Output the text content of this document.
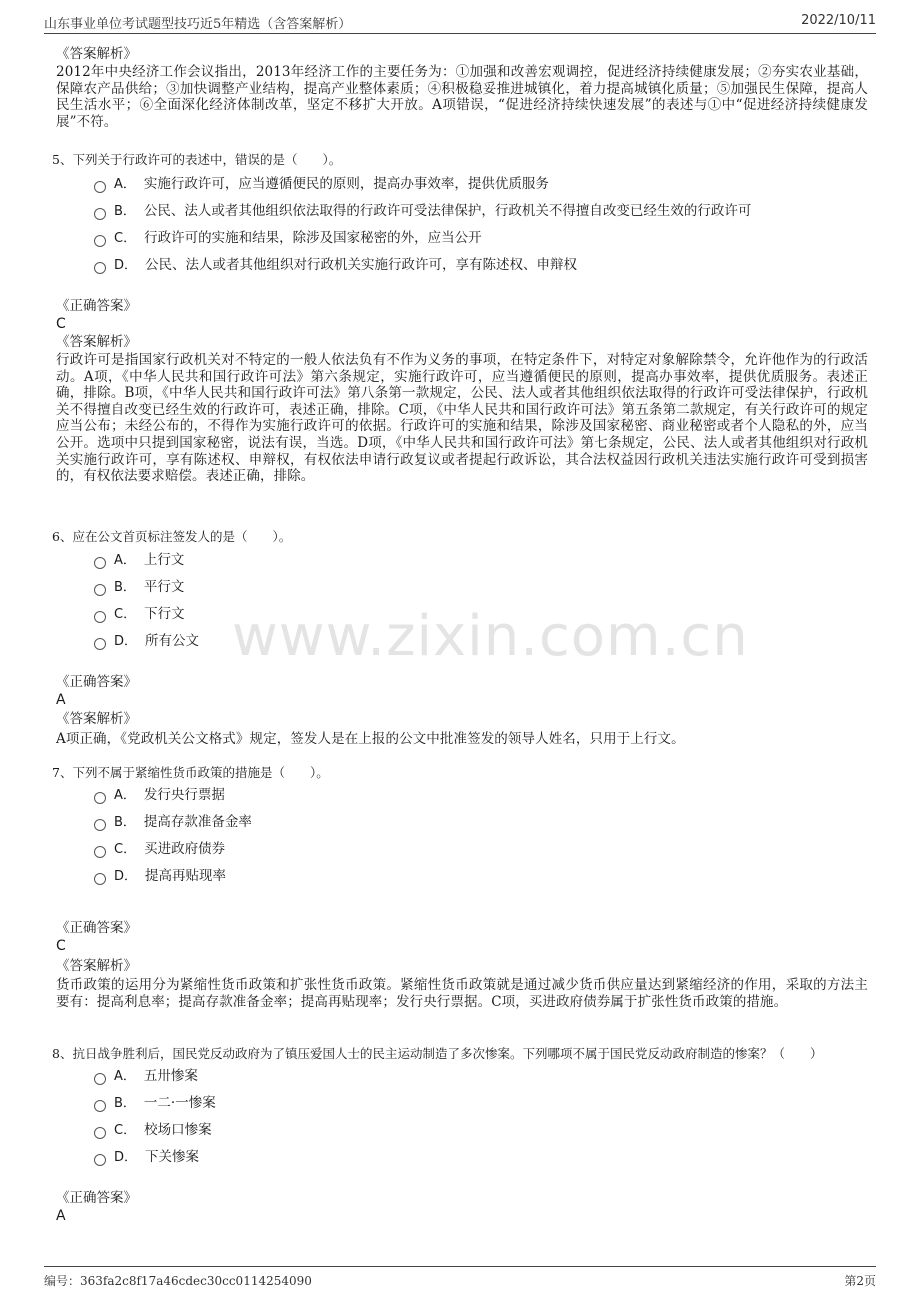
山东事业单位考试题型技巧近5年精选（含答案解析）	2022/10/11
www.zixin.com.cn
《答案解析》
2012年中央经济工作会议指出，2013年经济工作的主要任务为：①加强和改善宏观调控，促进经济持续健康发展；②夯实农业基础，保障农产品供给；③加快调整产业结构，提高产业整体素质；④积极稳妥推进城镇化，着力提高城镇化质量；⑤加强民生保障，提高人民生活水平；⑥全面深化经济体制改革，坚定不移扩大开放。A项错误，“促进经济持续快速发展”的表述与①中“促进经济持续健康发展”不符。
5、下列关于行政许可的表述中，错误的是（　　）。
A． 实施行政许可，应当遵循便民的原则，提高办事效率，提供优质服务
B． 公民、法人或者其他组织依法取得的行政许可受法律保护，行政机关不得擅自改变已经生效的行政许可
C． 行政许可的实施和结果，除涉及国家秘密的外，应当公开
D． 公民、法人或者其他组织对行政机关实施行政许可，享有陈述权、申辩权
《正确答案》
C
《答案解析》
行政许可是指国家行政机关对不特定的一般人依法负有不作为义务的事项，在特定条件下，对特定对象解除禁令，允许他作为的行政活动。A项，《中华人民共和国行政许可法》第六条规定，实施行政许可，应当遵循便民的原则，提高办事效率，提供优质服务。表述正确，排除。B项，《中华人民共和国行政许可法》第八条第一款规定，公民、法人或者其他组织依法取得的行政许可受法律保护，行政机关不得擅自改变已经生效的行政许可，表述正确，排除。C项，《中华人民共和国行政许可法》第五条第二款规定，有关行政许可的规定应当公布；未经公布的，不得作为实施行政许可的依据。行政许可的实施和结果，除涉及国家秘密、商业秘密或者个人隐私的外，应当公开。选项中只提到国家秘密，说法有误，当选。D项，《中华人民共和国行政许可法》第七条规定，公民、法人或者其他组织对行政机关实施行政许可，享有陈述权、申辩权，有权依法申请行政复议或者提起行政诉讼，其合法权益因行政机关违法实施行政许可受到损害的，有权依法要求赔偿。表述正确，排除。
6、应在公文首页标注签发人的是（　　）。
A． 上行文
B． 平行文
C． 下行文
D． 所有公文
《正确答案》
A
《答案解析》
A项正确，《党政机关公文格式》规定，签发人是在上报的公文中批准签发的领导人姓名，只用于上行文。
7、下列不属于紧缩性货币政策的措施是（　　）。
A． 发行央行票据
B． 提高存款准备金率
C． 买进政府债券
D． 提高再贴现率
《正确答案》
C
《答案解析》
货币政策的运用分为紧缩性货币政策和扩张性货币政策。紧缩性货币政策就是通过减少货币供应量达到紧缩经济的作用，采取的方法主要有：提高利息率；提高存款准备金率；提高再贴现率；发行央行票据。C项，买进政府债券属于扩张性货币政策的措施。
8、抗日战争胜利后，国民党反动政府为了镇压爱国人士的民主运动制造了多次惨案。下列哪项不属于国民党反动政府制造的惨案？（　　）
A． 五卅惨案
B． 一二·一惨案
C． 校场口惨案
D． 下关惨案
《正确答案》
A
编号：363fa2c8f17a46cdec30cc0114254090	第2页
